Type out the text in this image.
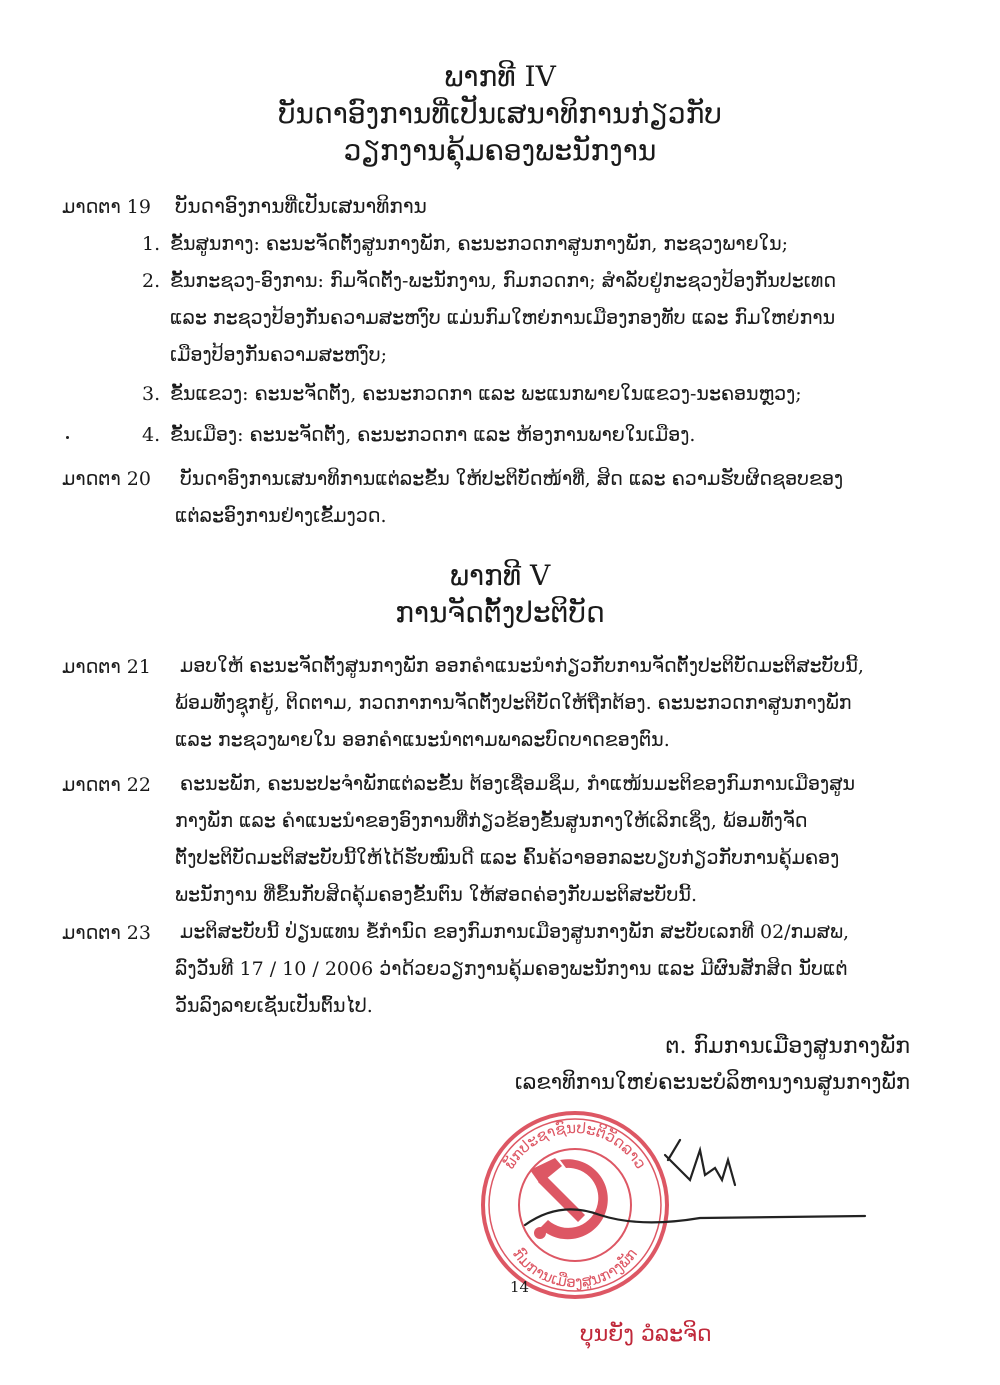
ພາກທີ IV
ບັນດາອົງການທີ່ເປັນເສນາທິການກ່ຽວກັບ
ວຽກງານຄຸ້ມຄອງພະນັກງານ
ມາດຕາ 19 ບັນດາອົງການທີ່ເປັນເສນາທິການ
1. ຂັ້ນສູນກາງ: ຄະນະຈັດຕັ້ງສູນກາງພັກ, ຄະນະກວດກາສູນກາງພັກ, ກະຊວງພາຍໃນ;
2. ຂັ້ນກະຊວງ-ອົງການ: ກົມຈັດຕັ້ງ-ພະນັກງານ, ກົມກວດກາ; ສໍາລັບຢູ່ກະຊວງປ້ອງກັນປະເທດ
ແລະ ກະຊວງປ້ອງກັນຄວາມສະຫງົບ ແມ່ນກົມໃຫຍ່ການເມືອງກອງທັບ ແລະ ກົມໃຫຍ່ການ
ເມືອງປ້ອງກັນຄວາມສະຫງົບ;
3. ຂັ້ນແຂວງ: ຄະນະຈັດຕັ້ງ, ຄະນະກວດກາ ແລະ ພະແນກພາຍໃນແຂວງ-ນະຄອນຫຼວງ;
4. ຂັ້ນເມືອງ: ຄະນະຈັດຕັ້ງ, ຄະນະກວດກາ ແລະ ຫ້ອງການພາຍໃນເມືອງ.
ມາດຕາ 20 ບັນດາອົງການເສນາທິການແຕ່ລະຂັ້ນ ໃຫ້ປະຕິບັດໜ້າທີ່, ສິດ ແລະ ຄວາມຮັບຜິດຊອບຂອງ
ແຕ່ລະອົງການຢ່າງເຂັ້ມງວດ.
ພາກທີ V
ການຈັດຕັ້ງປະຕິບັດ
ມາດຕາ 21 ມອບໃຫ້ ຄະນະຈັດຕັ້ງສູນກາງພັກ ອອກຄໍາແນະນໍາກ່ຽວກັບການຈັດຕັ້ງປະຕິບັດມະຕິສະບັບນີ້,
ພ້ອມທັງຊຸກຍູ້, ຕິດຕາມ, ກວດກາການຈັດຕັ້ງປະຕິບັດໃຫ້ຖືກຕ້ອງ. ຄະນະກວດກາສູນກາງພັກ
ແລະ ກະຊວງພາຍໃນ ອອກຄໍາແນະນໍາຕາມພາລະບົດບາດຂອງຕົນ.
ມາດຕາ 22 ຄະນະພັກ, ຄະນະປະຈໍາພັກແຕ່ລະຂັ້ນ ຕ້ອງເຊື່ອມຊຶມ, ກໍາແໜ້ນມະຕິຂອງກົມການເມືອງສູນ
ກາງພັກ ແລະ ຄໍາແນະນໍາຂອງອົງການທີ່ກ່ຽວຂ້ອງຂັ້ນສູນກາງໃຫ້ເລິກເຊິ່ງ, ພ້ອມທັງຈັດ
ຕັ້ງປະຕິບັດມະຕິສະບັບນີ້ໃຫ້ໄດ້ຮັບໝົນດີ ແລະ ຄົ້ນຄ້ວາອອກລະບຽບກ່ຽວກັບການຄຸ້ມຄອງ
ພະນັກງານ ທີ່ຂຶ້ນກັບສິດຄຸ້ມຄອງຂັ້ນຕົນ ໃຫ້ສອດຄ່ອງກັບມະຕິສະບັບນີ້.
ມາດຕາ 23 ມະຕິສະບັບນີ້ ປ່ຽນແທນ ຂໍ້ກໍານົດ ຂອງກົມການເມືອງສູນກາງພັກ ສະບັບເລກທີ 02/ກມສພ,
ລົງວັນທີ 17 / 10 / 2006 ວ່າດ້ວຍວຽກງານຄຸ້ມຄອງພະນັກງານ ແລະ ມີຜົນສັກສິດ ນັບແຕ່
ວັນລົງລາຍເຊັນເປັນຕົ້ນໄປ.
ຕ. ກົມການເມືອງສູນກາງພັກ
ເລຂາທິການໃຫຍ່ຄະນະບໍລິຫານງານສູນກາງພັກ
ພັກປະຊາຊົນປະຕິວັດລາວ
ກົມການເມືອງສູນກາງພັກ
14
ບຸນຍັງ ວໍລະຈິດ
